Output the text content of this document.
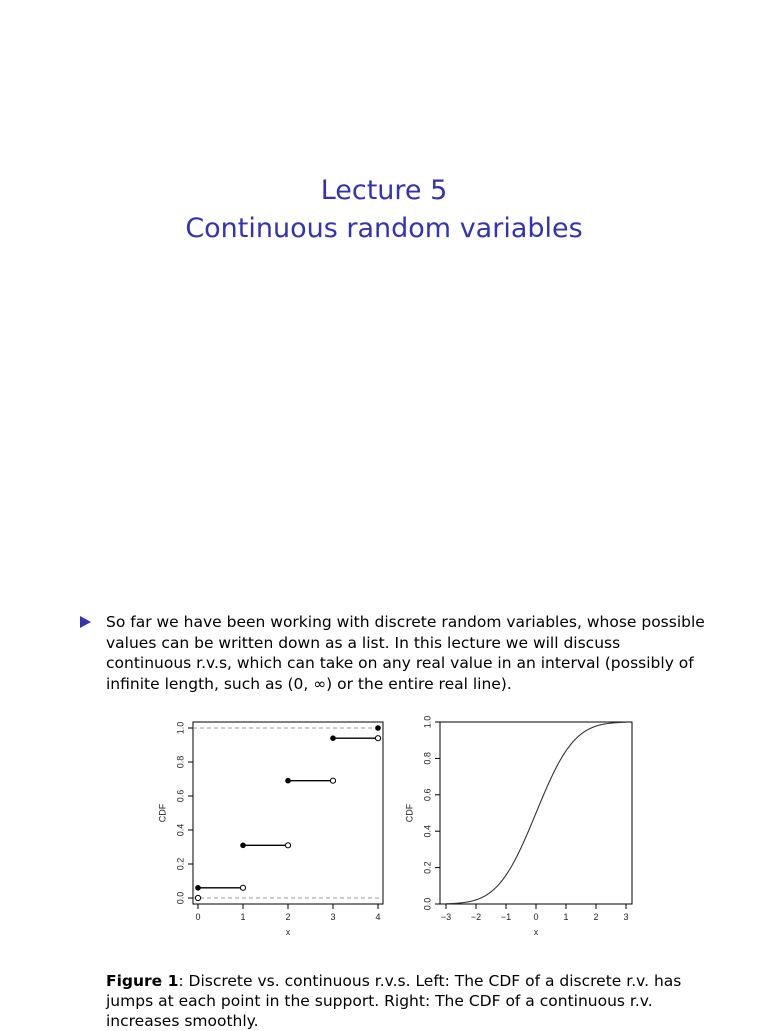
Lecture 5
Continuous random variables
So far we have been working with discrete random variables, whose possible values can be written down as a list. In this lecture we will discuss continuous r.v.s, which can take on any real value in an interval (possibly of infinite length, such as (0, ∞) or the entire real line).
0	1	2	3	4
0.0
0.2
0.4
0.6
0.8
1.0
x
CDF
−3 −2 −1 0	1	2	3
0.0
0.2
0.4
0.6
0.8
1.0
x
CDF
Figure 1: Discrete vs. continuous r.v.s. Left: The CDF of a discrete r.v. has jumps at each point in the support. Right: The CDF of a continuous r.v. increases smoothly.
